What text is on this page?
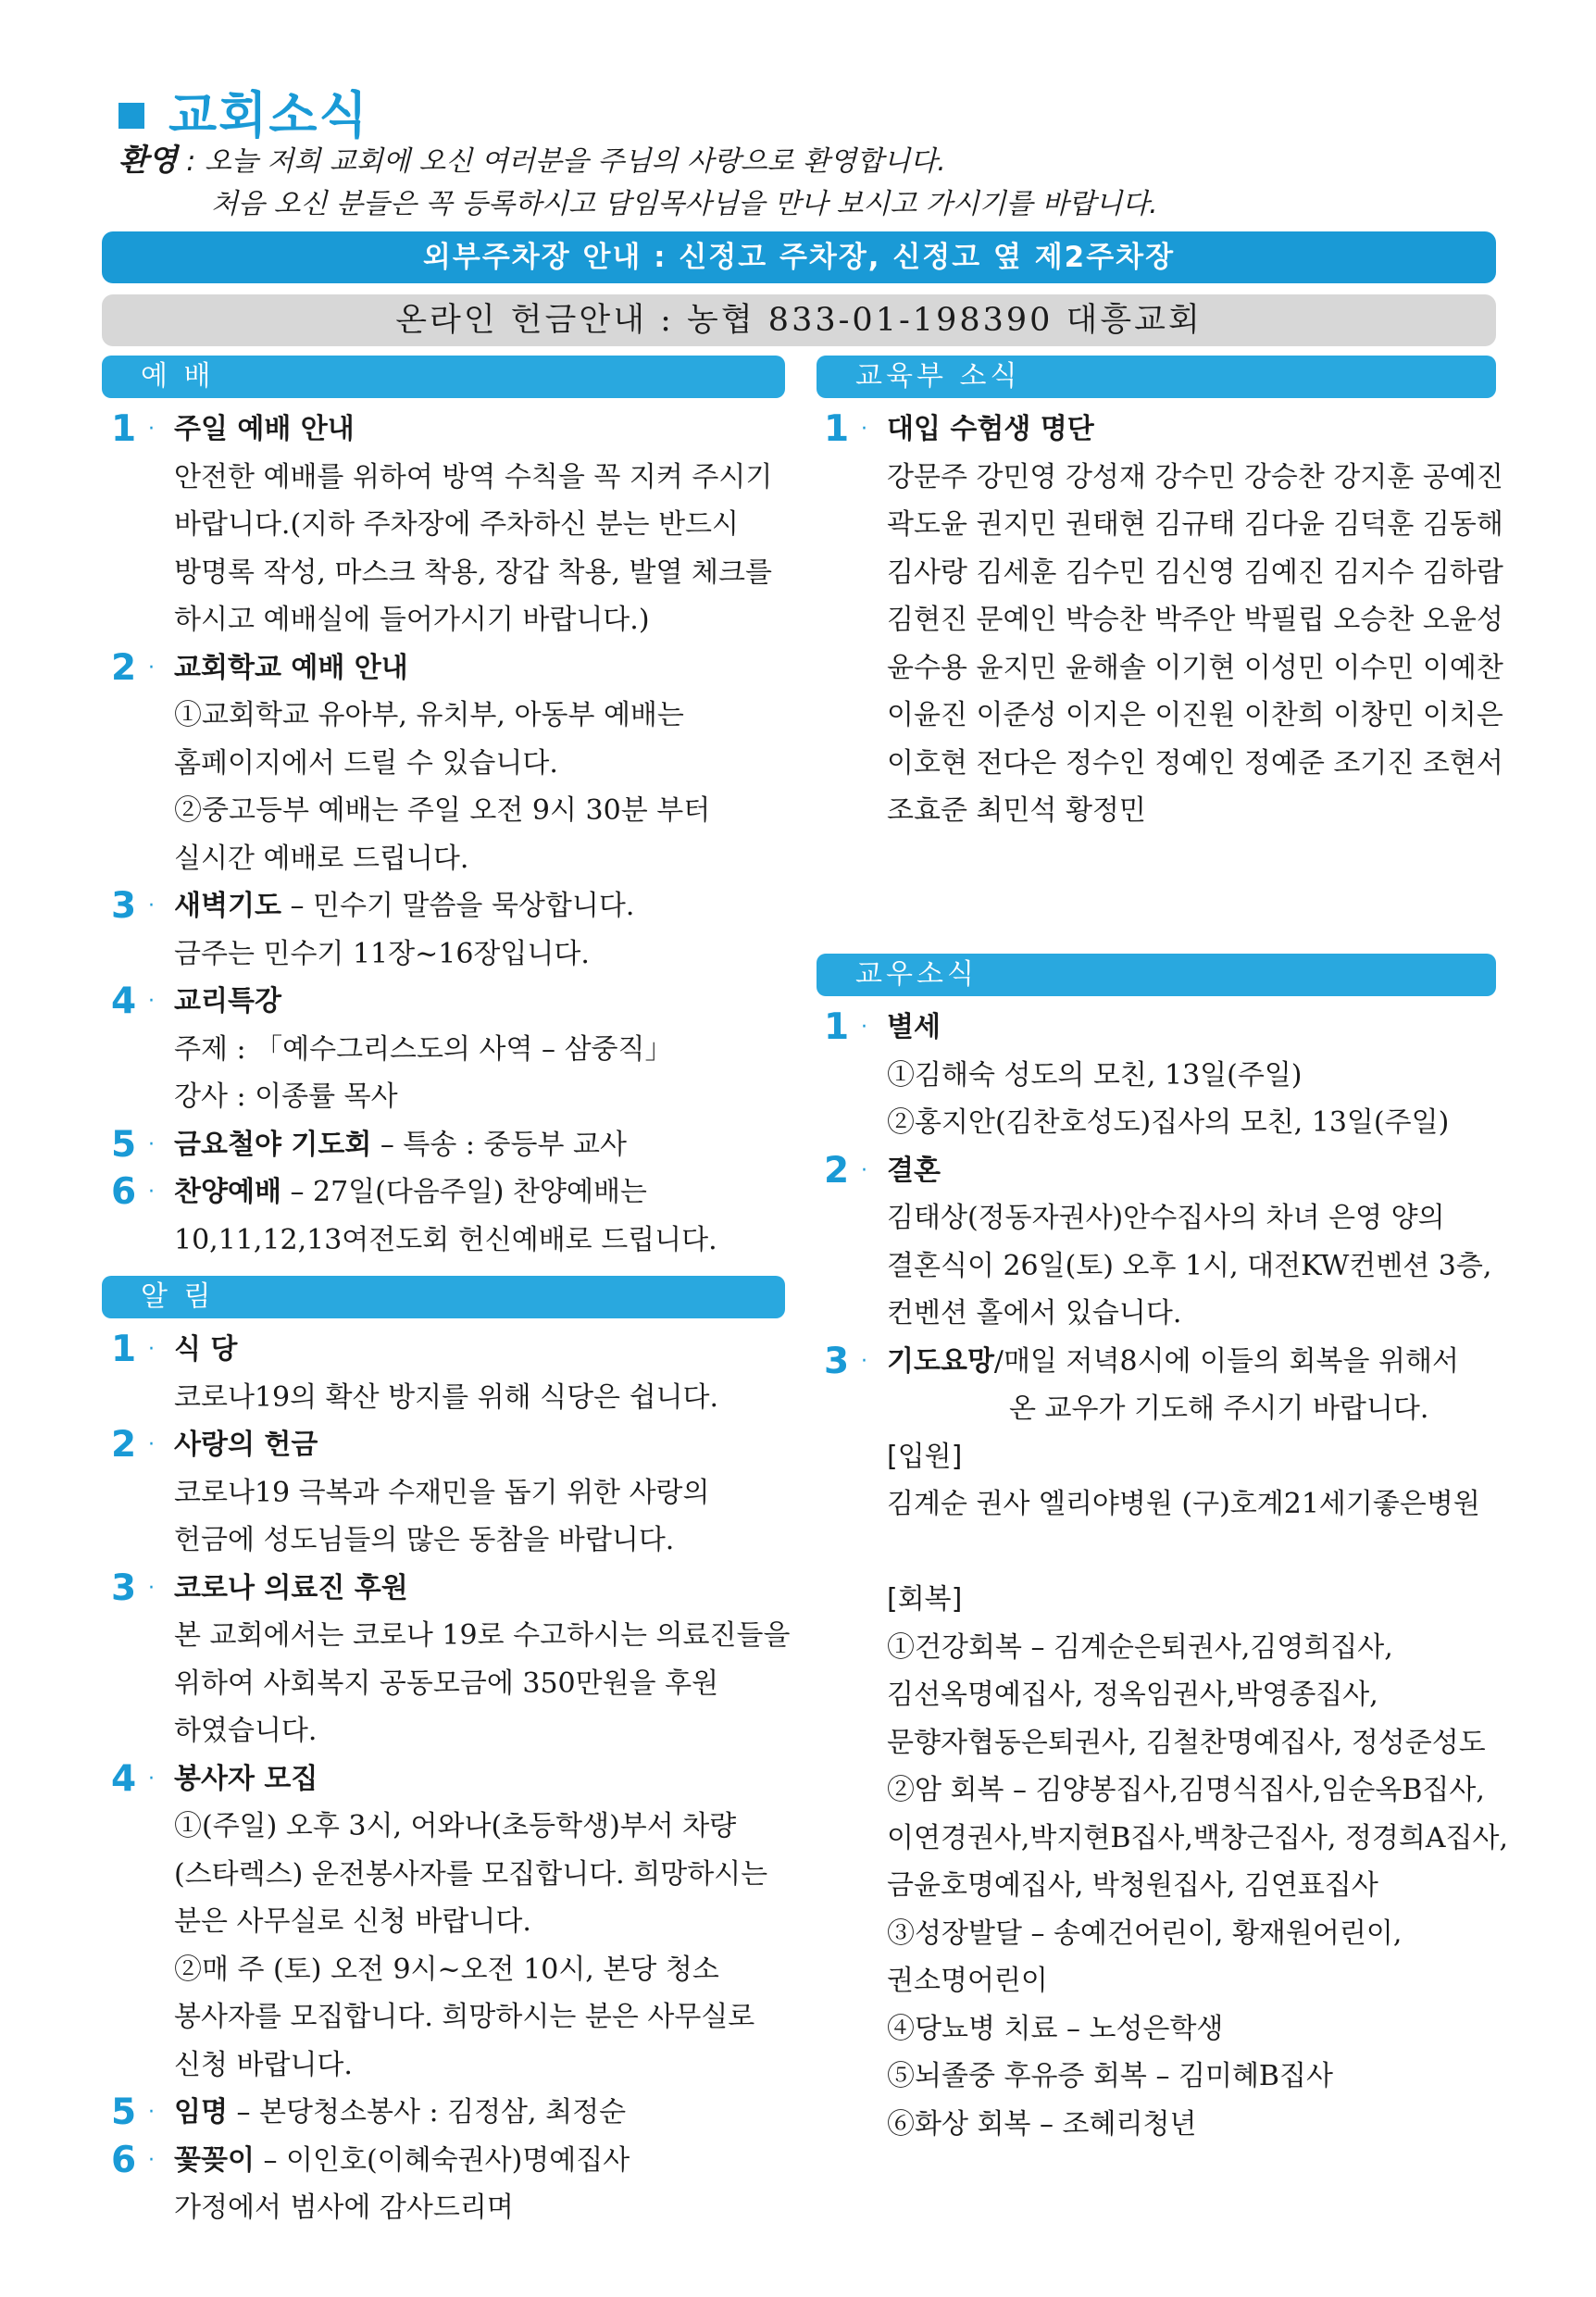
교회소식
환영 : 오늘 저희 교회에 오신 여러분을 주님의 사랑으로 환영합니다.
처음 오신 분들은 꼭 등록하시고 담임목사님을 만나 보시고 가시기를 바랍니다.
외부주차장 안내 : 신정고 주차장, 신정고 옆 제2주차장
온라인 헌금안내 : 농협 833-01-198390 대흥교회
예 배
1 · 주일 예배 안내
안전한 예배를 위하여 방역 수칙을 꼭 지켜 주시기
바랍니다.(지하 주차장에 주차하신 분는 반드시
방명록 작성, 마스크 착용, 장갑 착용, 발열 체크를
하시고 예배실에 들어가시기 바랍니다.)
2 · 교회학교 예배 안내
①교회학교 유아부, 유치부, 아동부 예배는
홈페이지에서 드릴 수 있습니다.
②중고등부 예배는 주일 오전 9시 30분 부터
실시간 예배로 드립니다.
3 · 새벽기도 – 민수기 말씀을 묵상합니다.
금주는 민수기 11장~16장입니다.
4 · 교리특강
주제 : 「예수그리스도의 사역 – 삼중직」
강사 : 이종률 목사
5 · 금요철야 기도회 – 특송 : 중등부 교사
6 · 찬양예배 – 27일(다음주일) 찬양예배는
10,11,12,13여전도회 헌신예배로 드립니다.
알 림
1 · 식 당
코로나19의 확산 방지를 위해 식당은 쉽니다.
2 · 사랑의 헌금
코로나19 극복과 수재민을 돕기 위한 사랑의
헌금에 성도님들의 많은 동참을 바랍니다.
3 · 코로나 의료진 후원
본 교회에서는 코로나 19로 수고하시는 의료진들을
위하여 사회복지 공동모금에 350만원을 후원
하였습니다.
4 · 봉사자 모집
①(주일) 오후 3시, 어와나(초등학생)부서 차량
(스타렉스) 운전봉사자를 모집합니다. 희망하시는
분은 사무실로 신청 바랍니다.
②매 주 (토) 오전 9시~오전 10시, 본당 청소
봉사자를 모집합니다. 희망하시는 분은 사무실로
신청 바랍니다.
5 · 임명 – 본당청소봉사 : 김정삼, 최정순
6 · 꽃꽂이 – 이인호(이혜숙권사)명예집사
가정에서 범사에 감사드리며
교육부 소식
1 · 대입 수험생 명단
강문주 강민영 강성재 강수민 강승찬 강지훈 공예진
곽도윤 권지민 권태현 김규태 김다윤 김덕훈 김동해
김사랑 김세훈 김수민 김신영 김예진 김지수 김하람
김현진 문예인 박승찬 박주안 박필립 오승찬 오윤성
윤수용 윤지민 윤해솔 이기현 이성민 이수민 이예찬
이윤진 이준성 이지은 이진원 이찬희 이창민 이치은
이호현 전다은 정수인 정예인 정예준 조기진 조현서
조효준 최민석 황정민
교우소식
1 · 별세
①김해숙 성도의 모친, 13일(주일)
②홍지안(김찬호성도)집사의 모친, 13일(주일)
2 · 결혼
김태상(정동자권사)안수집사의 차녀 은영 양의
결혼식이 26일(토) 오후 1시, 대전KW컨벤션 3층,
컨벤션 홀에서 있습니다.
3 · 기도요망/매일 저녁8시에 이들의 회복을 위해서
온 교우가 기도해 주시기 바랍니다.
[입원]
김계순 권사 엘리야병원 (구)호계21세기좋은병원
[회복]
①건강회복 – 김계순은퇴권사,김영희집사,
김선옥명예집사, 정옥임권사,박영종집사,
문향자협동은퇴권사, 김철찬명예집사, 정성준성도
②암 회복 – 김양봉집사,김명식집사,임순옥B집사,
이연경권사,박지현B집사,백창근집사, 정경희A집사,
금윤호명예집사, 박청원집사, 김연표집사
③성장발달 – 송예건어린이, 황재원어린이,
권소명어린이
④당뇨병 치료 – 노성은학생
⑤뇌졸중 후유증 회복 – 김미혜B집사
⑥화상 회복 – 조혜리청년
